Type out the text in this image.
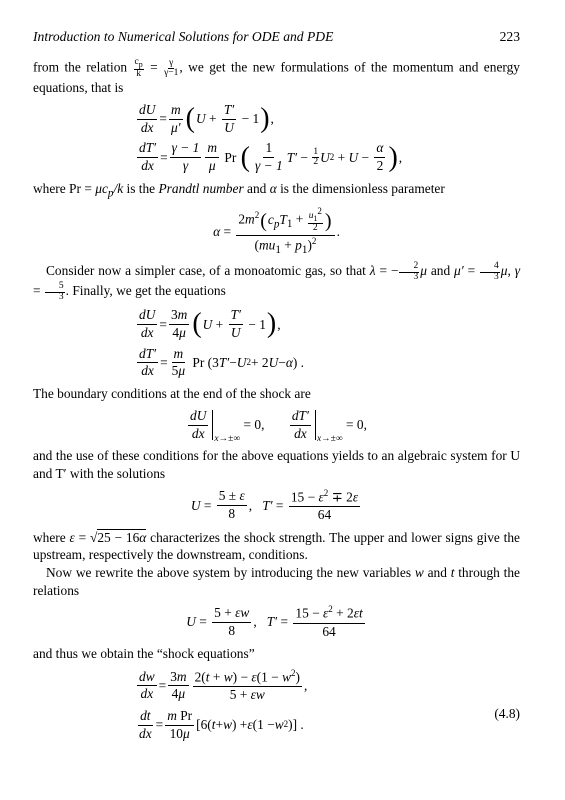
Introduction to Numerical Solutions for ODE and PDE	223

from the relation $\frac{c_p}{k} = \frac{\gamma}{\gamma-1}$ , we get the new formulations of the momentum and energy equations, that is

$\frac{dU}{dx} = \frac{m}{\mu'}$ ( $U + \frac{T'}{U} - 1$ ) ,
$\frac{dT'}{dx} = \frac{\gamma - 1}{\gamma} \frac{m}{\mu}$ Pr ( $\frac{1}{\gamma - 1} T' - 1$
2 U $2 + U - \frac{\alpha}{2}$ ) ,

where $Pr = \mu c_p/k$ is the Prandtl number and α is the dimensionless parameter

$\alpha = \frac{2m^2(c_pT_1 + \frac{u_1^2}{2} )}{(mu_1 + p_1)^2}$ .

Consider now a simpler case, of a monoatomic gas, so that λ = − $\frac{2}{3}$ μ and $\mu' = \frac{4}{3} \mu$, $\gamma = \frac{5}{3}$ . Finally, we get the equations

$\frac{dU}{dx} = \frac{3m}{4\mu}$ ( $U + \frac{T'}{U} - 1$ ) ,
$\frac{dT'}{dx} = \frac{m}{5\mu}$ Pr (3 T′ − U 2 + 2 U − α ) .

The boundary conditions at the end of the shock are

$\frac{dU}{dx} x\to\pm\infty$
= 0, $\frac{dT'}{dx} x\to\pm\infty$
= 0,

and the use of these conditions for the above equations yields to an algebraic system for U and T′ with the solutions

$U = \frac{5 \pm \varepsilon}{8}$ , $T' = \frac{15 - \varepsilon^2 \mp 2\varepsilon}{64}$

where ε = √25 − 16α characterizes the shock strength. The upper and lower signs give the upstream, respectively the downstream, conditions.

Now we rewrite the above system by introducing the new variables w and t through the relations

$U = \frac{5 + \varepsilon w}{8}$ , $T' = \frac{15 - \varepsilon^2 + 2\varepsilon t}{64}$

and thus we obtain the “shock equations”

$\frac{dw}{dx} = \frac{3m}{4\mu} \frac{2(t + w) - \varepsilon(1 - w^2)}{5 + \varepsilon w}$ ,
(4.8)
$\frac{dt}{dx} = \frac{\text{m Pr}}{10\mu} [6$( t + w ) + ε (1 − w 2 )] .
